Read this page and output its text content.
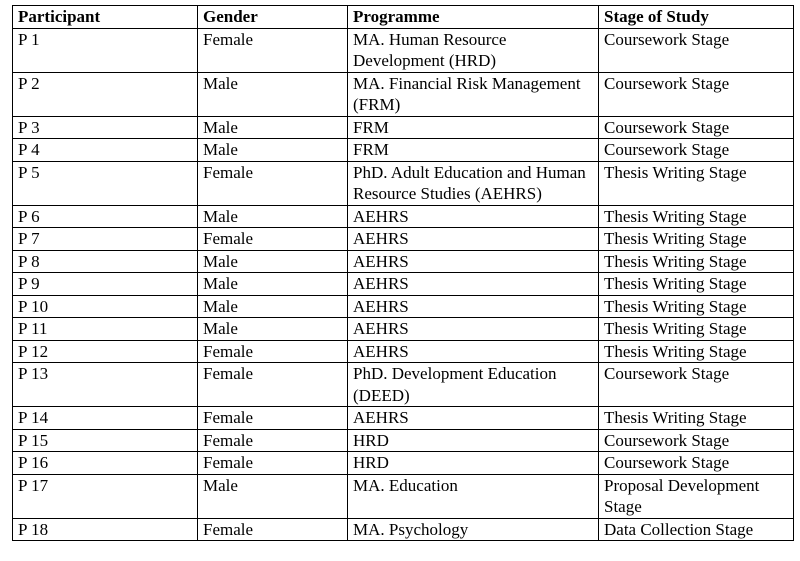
Participant	Gender	Programme	Stage of Study
P 1	Female	MA. Human Resource Development (HRD)	Coursework Stage
P 2	Male	MA. Financial Risk Management (FRM)	Coursework Stage
P 3	Male	FRM	Coursework Stage
P 4	Male	FRM	Coursework Stage
P 5	Female	PhD. Adult Education and Human Resource Studies (AEHRS)	Thesis Writing Stage
P 6	Male	AEHRS	Thesis Writing Stage
P 7	Female	AEHRS	Thesis Writing Stage
P 8	Male	AEHRS	Thesis Writing Stage
P 9	Male	AEHRS	Thesis Writing Stage
P 10	Male	AEHRS	Thesis Writing Stage
P 11	Male	AEHRS	Thesis Writing Stage
P 12	Female	AEHRS	Thesis Writing Stage
P 13	Female	PhD. Development Education (DEED)	Coursework Stage
P 14	Female	AEHRS	Thesis Writing Stage
P 15	Female	HRD	Coursework Stage
P 16	Female	HRD	Coursework Stage
P 17	Male	MA. Education	Proposal Development Stage
P 18	Female	MA. Psychology	Data Collection Stage
